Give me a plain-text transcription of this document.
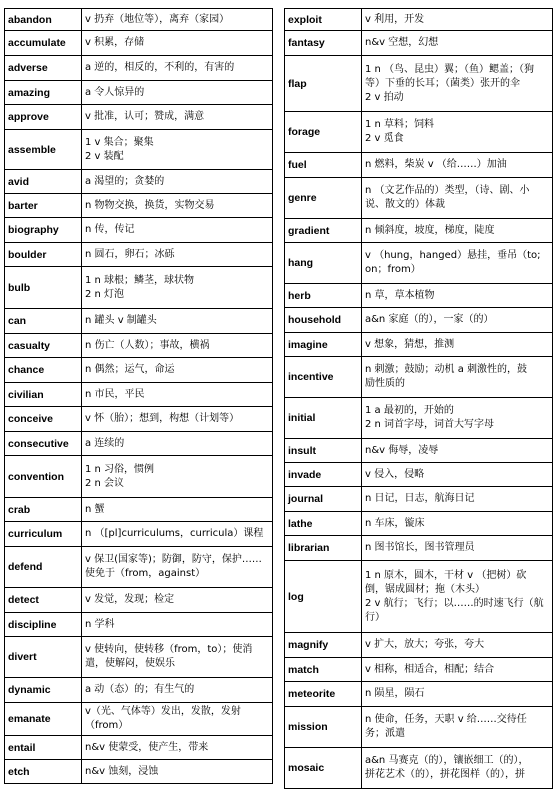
abandon	v 扔弃（地位等），离弃（家园）

accumulate	v 积累，存储

adverse	a 逆的，相反的，不利的，有害的

amazing	a 令人惊异的

approve	v 批准，认可；赞成，满意

assemble	1 v 集合；聚集
2 v 装配

avid	a 渴望的；贪婪的

barter	n 物物交换，换货，实物交易

biography	n 传，传记

boulder	n 圆石，卵石；冰砾

bulb	1 n 球根；鳞茎，球状物
2 n 灯泡

can	n 罐头 v 制罐头

casualty	n 伤亡（人数）；事故，横祸

chance	n 偶然；运气，命运

civilian	n 市民，平民

conceive	v 怀（胎）；想到，构想（计划等）

consecutive	a 连续的

convention	1 n 习俗，惯例
2 n 会议

crab	n 蟹

curriculum	n （[pl]curriculums，curricula）课程

defend	v 保卫(国家等)；防御，防守，保护……
使免于（from，against）

detect	v 发觉，发现；检定

discipline	n 学科

divert	v 使转向，使转移（from，to）；使消
遣，使解闷，使娱乐

dynamic	a 动（态）的；有生气的

emanate	v（光、气体等）发出，发散，发射（from）

entail	n&v 使蒙受，使产生，带来

etch	n&v 蚀刻，浸蚀
exploit	v 利用，开发

fantasy	n&v 空想，幻想

flap	1 n （鸟、昆虫）翼；（鱼）鳃盖；（狗
等）下垂的长耳；（菌类）张开的伞
2 v 拍动

forage	1 n 草料；饲料
2 v 觅食

fuel	n 燃料，柴炭 v （给……）加油

genre	n （文艺作品的）类型，（诗、剧、小
说、散文的）体裁

gradient	n 倾斜度，坡度，梯度，陡度

hang	v （hung，hanged）悬挂，垂吊（to;
on；from）

herb	n 草，草本植物

household	a&n 家庭（的），一家（的）

imagine	v 想象，猜想，推测

incentive	n 刺激；鼓励；动机 a 刺激性的，鼓
励性质的

initial	1 a 最初的，开始的
2 n 词首字母，词首大写字母

insult	n&v 侮辱，凌辱

invade	v 侵入，侵略

journal	n 日记，日志，航海日记

lathe	n 车床，镟床

librarian	n 图书馆长，图书管理员

log	1 n 原木，圆木，干材 v （把树）砍
倒，锯成圆材；拖（木头）
2 v 航行；飞行；以……的时速飞行（航
行）

magnify	v 扩大，放大；夸张，夸大

match	v 相称，相适合，相配；结合

meteorite	n 陨星，陨石

mission	n 使命，任务，天职 v 给……交待任
务；派遣

mosaic	a&n 马赛克（的），镶嵌细工（的），
拼花艺术（的），拼花图样（的），拼
